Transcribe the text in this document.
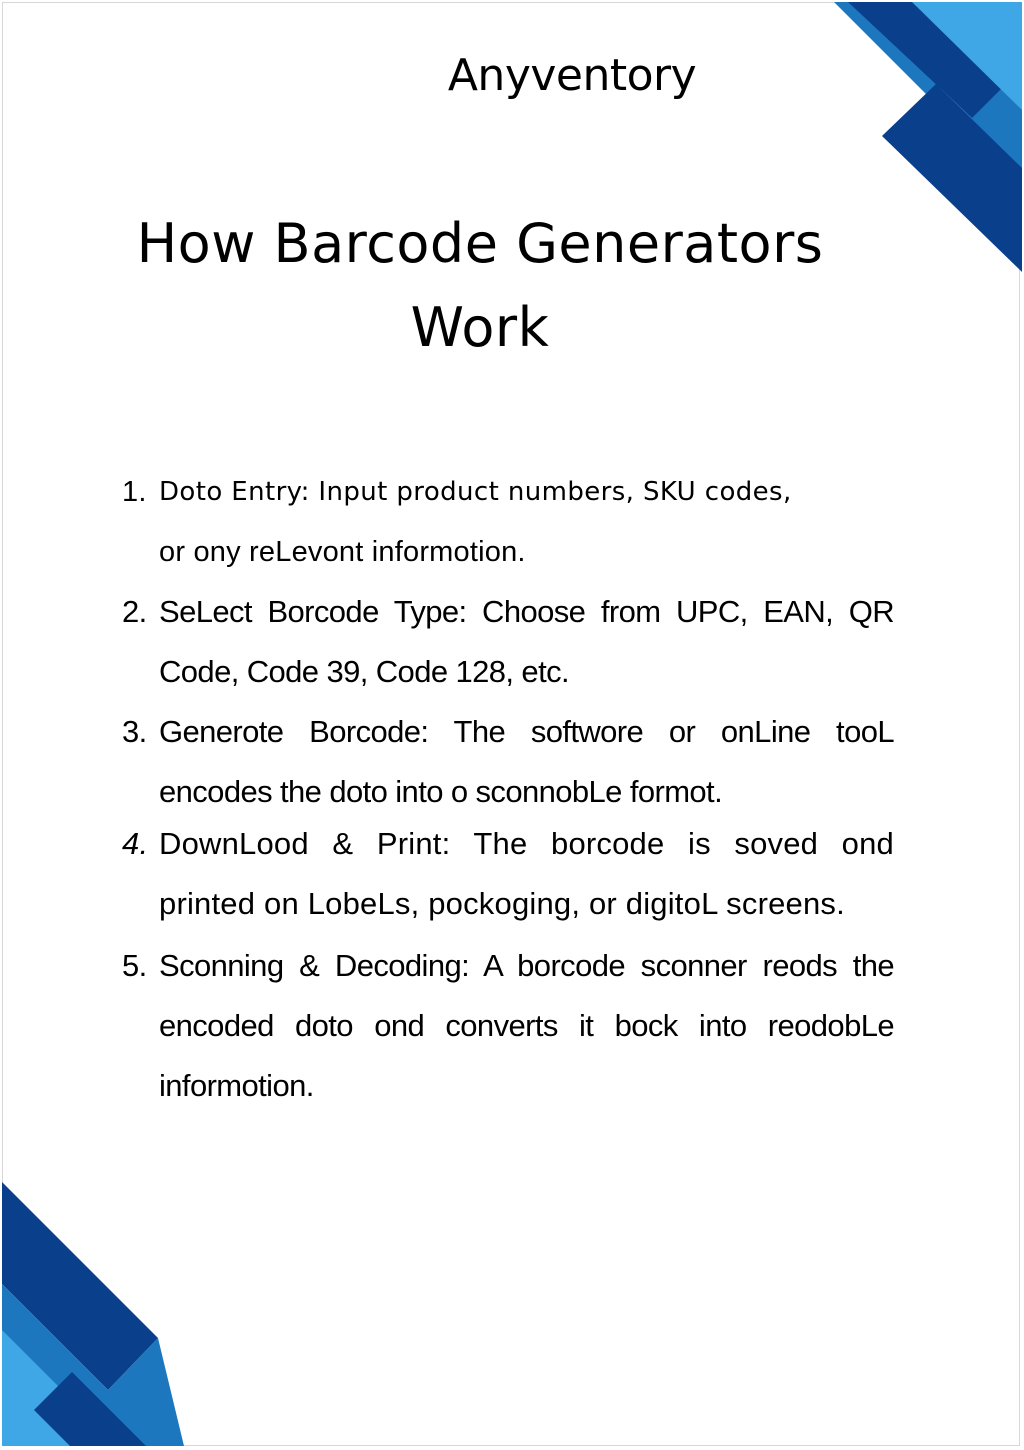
Anyventory
How Barcode Generators
Work
1. Doto Entry: Input product numbers, SKU codes,
or ony reLevont informotion.
2. SeLect Borcode Type: Choose from UPC, EAN, QR Code, Code 39, Code 128, etc.
3. Generote Borcode: The softwore or onLine tooL encodes the doto into o sconnobLe formot.
4. DownLood & Print: The borcode is soved ond printed on LobeLs, pockoging, or digitoL screens.
5. Sconning & Decoding: A borcode sconner reods the encoded doto ond converts it bock into reodobLe informotion.
